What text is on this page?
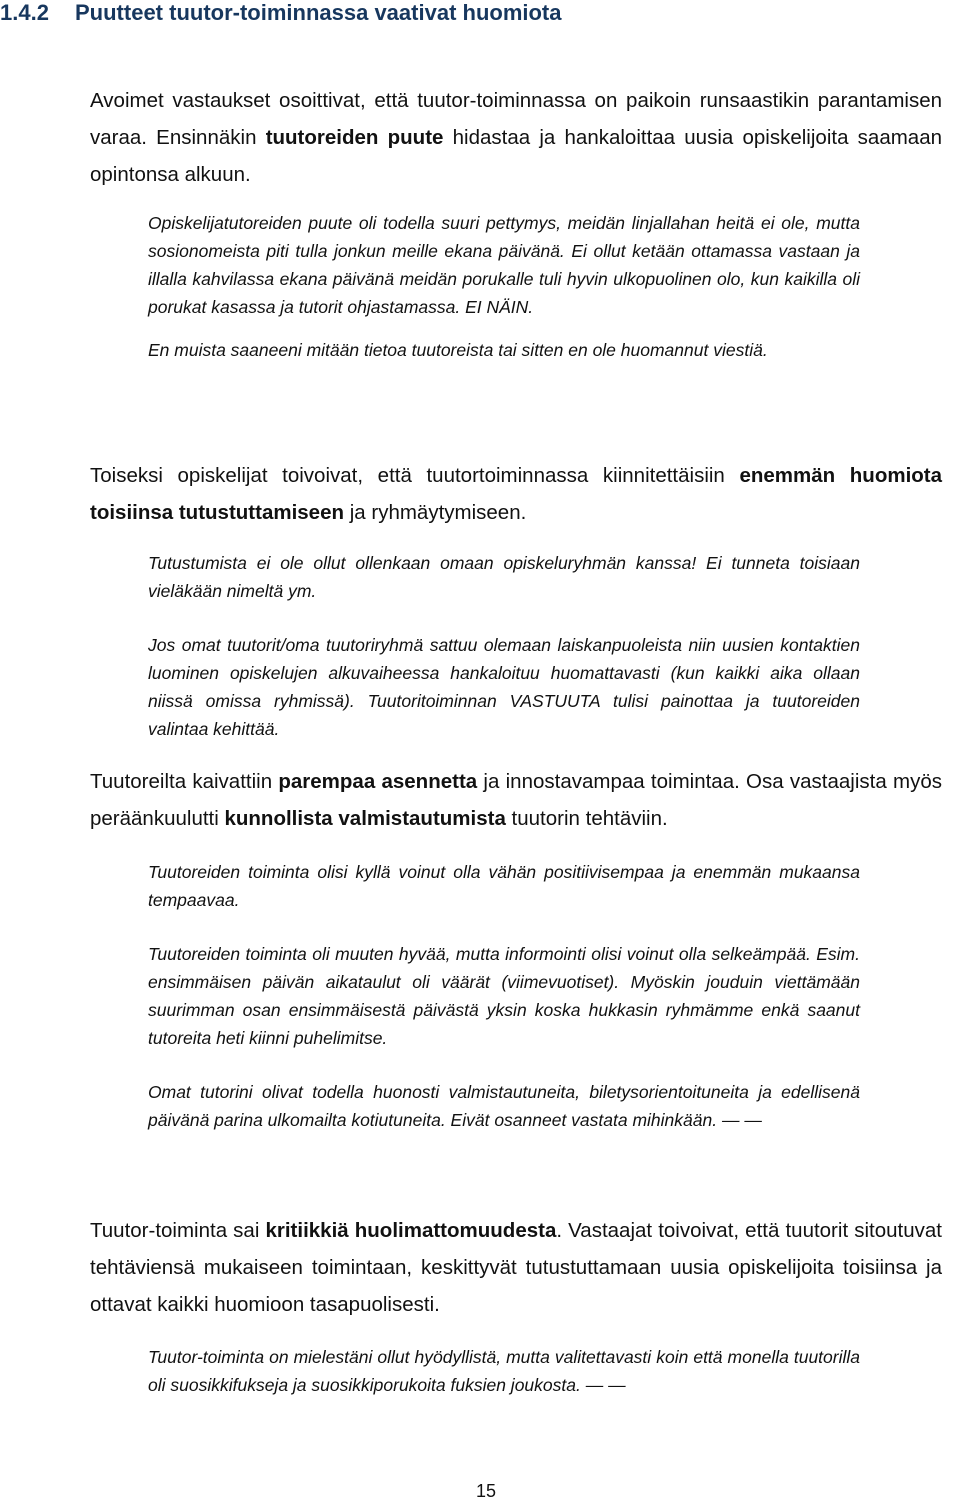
1.4.2 Puutteet tuutor-toiminnassa vaativat huomiota

Avoimet vastaukset osoittivat, että tuutor-toiminnassa on paikoin runsaastikin parantamisen varaa. Ensinnäkin tuutoreiden puute hidastaa ja hankaloittaa uusia opiskelijoita saamaan opintonsa alkuun.

Opiskelijatutoreiden puute oli todella suuri pettymys, meidän linjallahan heitä ei ole, mutta sosionomeista piti tulla jonkun meille ekana päivänä. Ei ollut ketään ottamassa vastaan ja illalla kahvilassa ekana päivänä meidän porukalle tuli hyvin ulkopuolinen olo, kun kaikilla oli porukat kasassa ja tutorit ohjastamassa. EI NÄIN.

En muista saaneeni mitään tietoa tuutoreista tai sitten en ole huomannut viestiä.

Toiseksi opiskelijat toivoivat, että tuutortoiminnassa kiinnitettäisiin enemmän huomiota toisiinsa tutustuttamiseen ja ryhmäytymiseen.

Tutustumista ei ole ollut ollenkaan omaan opiskeluryhmän kanssa! Ei tunneta toisiaan vieläkään nimeltä ym.

Jos omat tuutorit/oma tuutoriryhmä sattuu olemaan laiskanpuoleista niin uusien kontaktien luominen opiskelujen alkuvaiheessa hankaloituu huomattavasti (kun kaikki aika ollaan niissä omissa ryhmissä). Tuutoritoiminnan VASTUUTA tulisi painottaa ja tuutoreiden valintaa kehittää.

Tuutoreilta kaivattiin parempaa asennetta ja innostavampaa toimintaa. Osa vastaajista myös peräänkuulutti kunnollista valmistautumista tuutorin tehtäviin.

Tuutoreiden toiminta olisi kyllä voinut olla vähän positiivisempaa ja enemmän mukaansa tempaavaa.

Tuutoreiden toiminta oli muuten hyvää, mutta informointi olisi voinut olla selkeämpää. Esim. ensimmäisen päivän aikataulut oli väärät (viimevuotiset). Myöskin jouduin viettämään suurimman osan ensimmäisestä päivästä yksin koska hukkasin ryhmämme enkä saanut tutoreita heti kiinni puhelimitse.

Omat tutorini olivat todella huonosti valmistautuneita, biletysorientoituneita ja edellisenä päivänä parina ulkomailta kotiutuneita. Eivät osanneet vastata mihinkään. — —

Tuutor-toiminta sai kritiikkiä huolimattomuudesta. Vastaajat toivoivat, että tuutorit sitoutuvat tehtäviensä mukaiseen toimintaan, keskittyvät tutustuttamaan uusia opiskelijoita toisiinsa ja ottavat kaikki huomioon tasapuolisesti.

Tuutor-toiminta on mielestäni ollut hyödyllistä, mutta valitettavasti koin että monella tuutorilla oli suosikkifukseja ja suosikkiporukoita fuksien joukosta. — —

15
